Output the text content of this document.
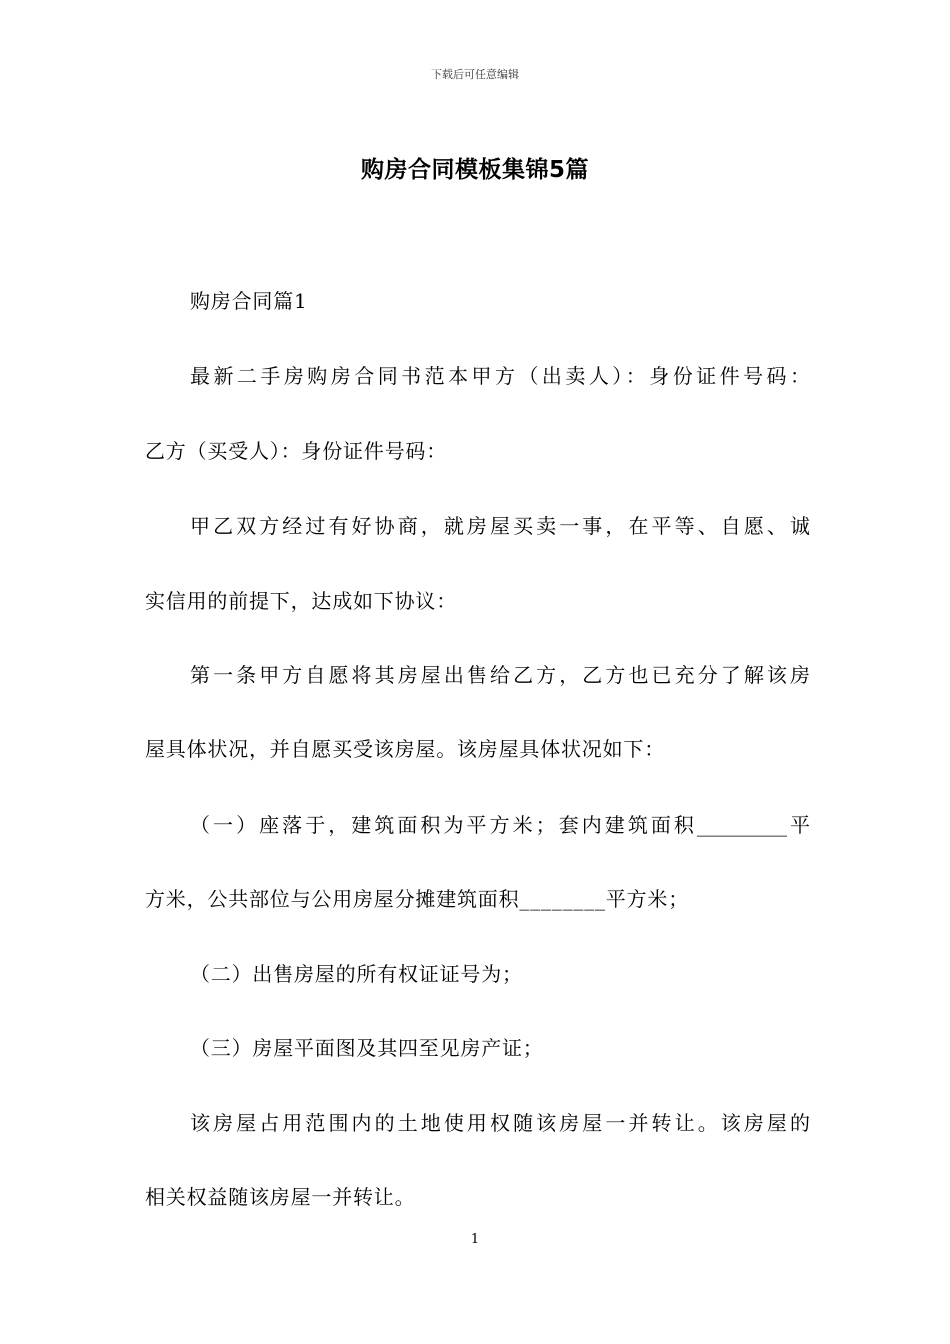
下载后可任意编辑
购房合同模板集锦5篇
购房合同篇1
最新二手房购房合同书范本甲方（出卖人）：身份证件号码：
乙方（买受人）：身份证件号码：
甲乙双方经过有好协商，就房屋买卖一事，在平等、自愿、诚
实信用的前提下，达成如下协议：
第一条甲方自愿将其房屋出售给乙方，乙方也已充分了解该房
屋具体状况，并自愿买受该房屋。该房屋具体状况如下：
（一）座落于，建筑面积为平方米；套内建筑面积_________平
方米，公共部位与公用房屋分摊建筑面积________平方米；
（二）出售房屋的所有权证证号为；
（三）房屋平面图及其四至见房产证；
该房屋占用范围内的土地使用权随该房屋一并转让。该房屋的
相关权益随该房屋一并转让。
1
